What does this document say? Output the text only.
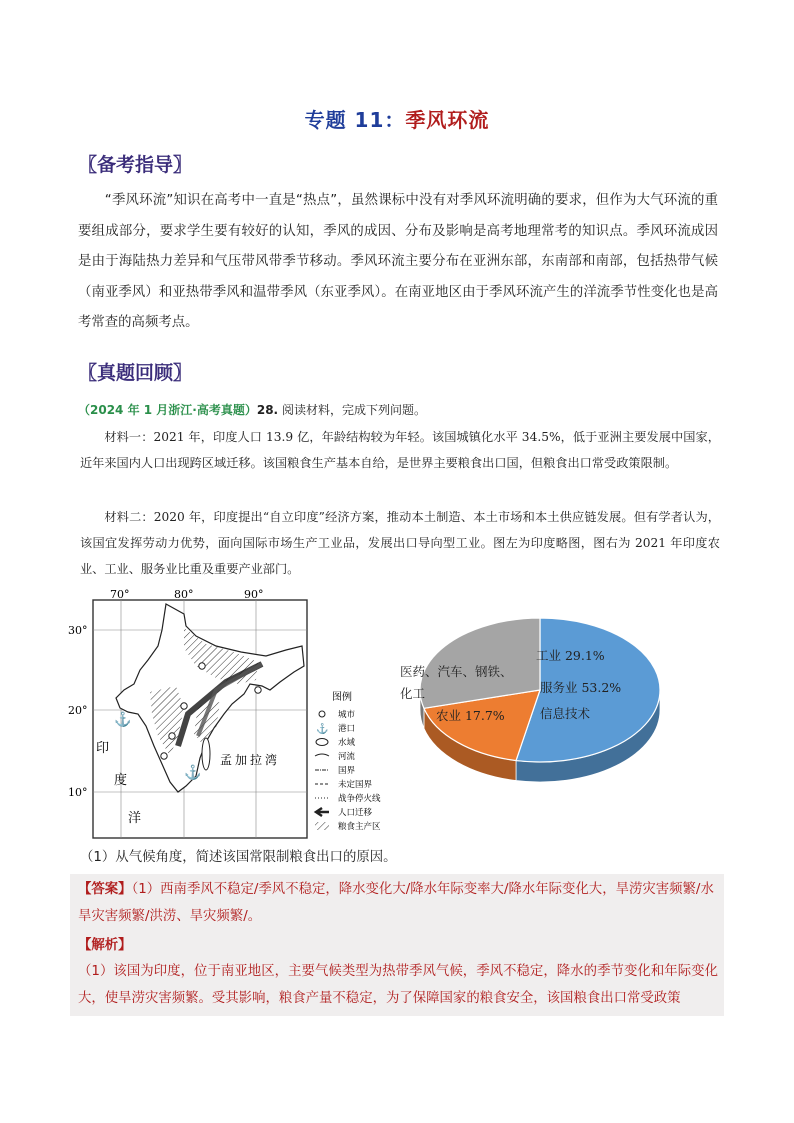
专题 11：季风环流
〖备考指导〗
“季风环流”知识在高考中一直是“热点”，虽然课标中没有对季风环流明确的要求，但作为大气环流的重要组成部分，要求学生要有较好的认知，季风的成因、分布及影响是高考地理常考的知识点。季风环流成因是由于海陆热力差异和气压带风带季节移动。季风环流主要分布在亚洲东部，东南部和南部，包括热带气候（南亚季风）和亚热带季风和温带季风（东亚季风）。在南亚地区由于季风环流产生的洋流季节性变化也是高考常查的高频考点。
〖真题回顾〗
（2024 年 1 月浙江·高考真题）28. 阅读材料，完成下列问题。
材料一：2021 年，印度人口 13.9 亿，年龄结构较为年轻。该国城镇化水平 34.5%，低于亚洲主要发展中国家，近年来国内人口出现跨区域迁移。该国粮食生产基本自给，是世界主要粮食出口国，但粮食出口常受政策限制。
材料二：2020 年，印度提出“自立印度”经济方案，推动本土制造、本土市场和本土供应链发展。但有学者认为，该国宜发挥劳动力优势，面向国际市场生产工业品，发展出口导向型工业。图左为印度略图，图右为 2021 年印度农业、工业、服务业比重及重要产业部门。
⚓
⚓
70°	80°	90°
30°
20°
10°
印
度
洋
孟加拉湾
图例
城市
⚓ 港口
水域
河流
国界
未定国界
战争停火线
人口迁移
粮食主产区
工业 29.1%
医药、汽车、钢铁、
化工
农业 17.7%
服务业 53.2%
信息技术
（1）从气候角度，简述该国常限制粮食出口的原因。
【答案】（1）西南季风不稳定/季风不稳定，降水变化大/降水年际变率大/降水年际变化大，旱涝灾害频繁/水旱灾害频繁/洪涝、旱灾频繁/。
【解析】
（1）该国为印度，位于南亚地区，主要气候类型为热带季风气候，季风不稳定，降水的季节变化和年际变化大，使旱涝灾害频繁。受其影响，粮食产量不稳定，为了保障国家的粮食安全，该国粮食出口常受政策
